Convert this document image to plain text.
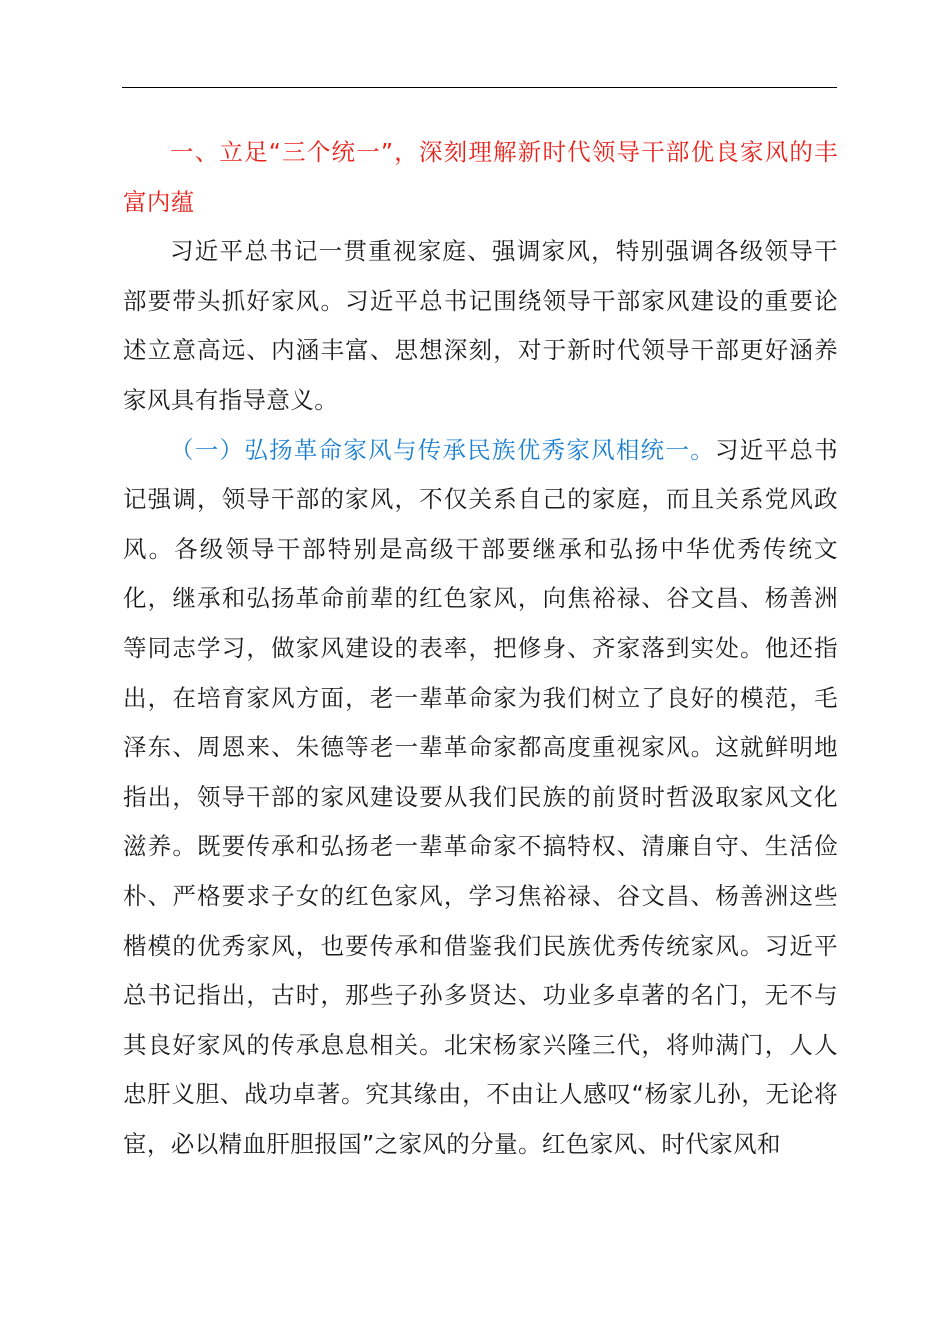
一、立足“三个统一”，深刻理解新时代领导干部优良家风的丰富内蕴

习近平总书记一贯重视家庭、强调家风，特别强调各级领导干部要带头抓好家风。习近平总书记围绕领导干部家风建设的重要论述立意高远、内涵丰富、思想深刻，对于新时代领导干部更好涵养家风具有指导意义。

（一）弘扬革命家风与传承民族优秀家风相统一。习近平总书记强调，领导干部的家风，不仅关系自己的家庭，而且关系党风政风。各级领导干部特别是高级干部要继承和弘扬中华优秀传统文化，继承和弘扬革命前辈的红色家风，向焦裕禄、谷文昌、杨善洲等同志学习，做家风建设的表率，把修身、齐家落到实处。他还指出，在培育家风方面，老一辈革命家为我们树立了良好的模范，毛泽东、周恩来、朱德等老一辈革命家都高度重视家风。这就鲜明地指出，领导干部的家风建设要从我们民族的前贤时哲汲取家风文化滋养。既要传承和弘扬老一辈革命家不搞特权、清廉自守、生活俭朴、严格要求子女的红色家风，学习焦裕禄、谷文昌、杨善洲这些楷模的优秀家风，也要传承和借鉴我们民族优秀传统家风。习近平总书记指出，古时，那些子孙多贤达、功业多卓著的名门，无不与其良好家风的传承息息相关。北宋杨家兴隆三代，将帅满门，人人忠肝义胆、战功卓著。究其缘由，不由让人感叹“杨家儿孙，无论将宦，必以精血肝胆报国”之家风的分量。红色家风、时代家风和
